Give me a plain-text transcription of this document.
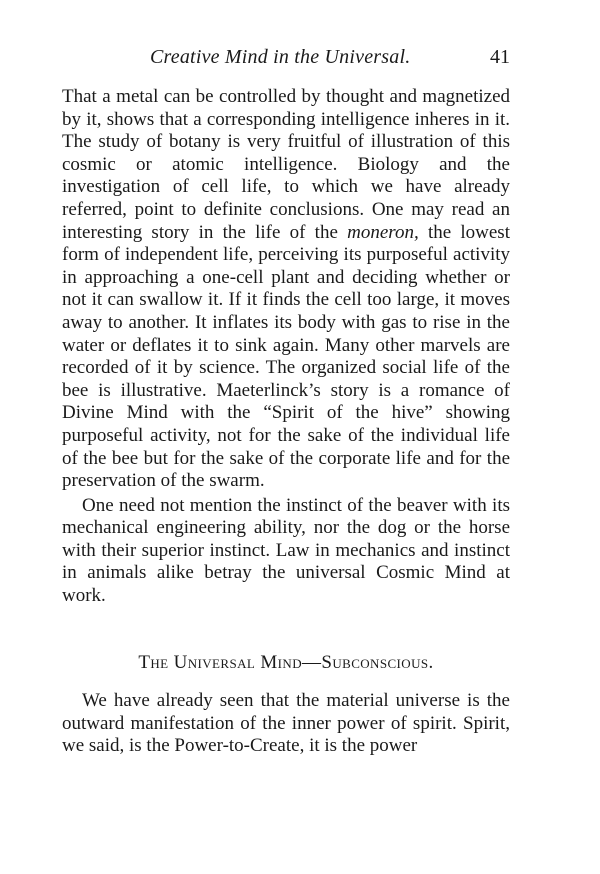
Creative Mind in the Universal.	41

That a metal can be controlled by thought and magnetized by it, shows that a corresponding intelligence inheres in it. The study of botany is very fruitful of illustration of this cosmic or atomic intelligence. Biology and the investigation of cell life, to which we have already referred, point to definite conclusions. One may read an interesting story in the life of the moneron, the lowest form of independent life, perceiving its purposeful activity in approaching a one-cell plant and deciding whether or not it can swallow it. If it finds the cell too large, it moves away to another. It inflates its body with gas to rise in the water or deflates it to sink again. Many other marvels are recorded of it by science. The organized social life of the bee is illustrative. Maeterlinck’s story is a romance of Divine Mind with the “Spirit of the hive” showing purposeful activity, not for the sake of the individual life of the bee but for the sake of the corporate life and for the preservation of the swarm.

One need not mention the instinct of the beaver with its mechanical engineering ability, nor the dog or the horse with their superior instinct. Law in mechanics and instinct in animals alike betray the universal Cosmic Mind at work.

The Universal Mind—Subconscious.

We have already seen that the material universe is the outward manifestation of the inner power of spirit. Spirit, we said, is the Power-to-Create, it is the power
